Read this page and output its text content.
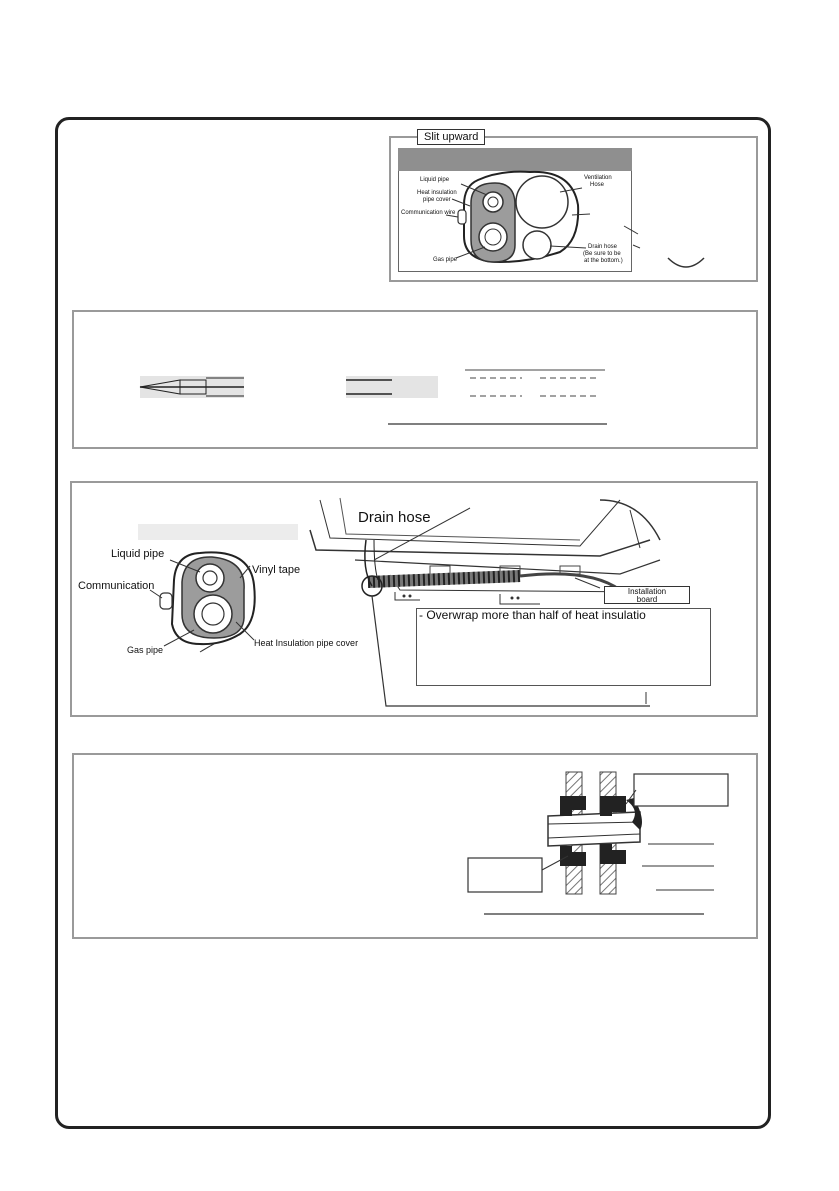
Slit upward
Liquid pipe
Heat insulation
pipe cover
Communication wire
Gas pipe
Ventilation
Hose
Drain hose
(Be sure to be
at the bottom.)
Drain hose
Liquid pipe
Vinyl tape
Communication
Gas pipe
Heat Insulation pipe cover
Installation
board
- Overwrap more than half of heat insulatio
